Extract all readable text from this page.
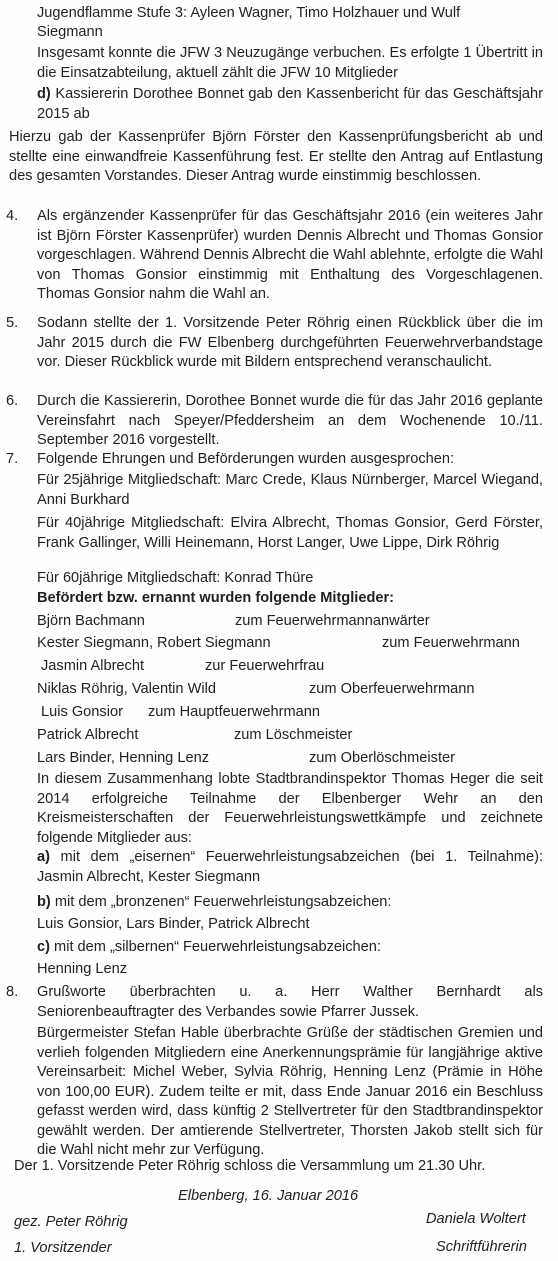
Jugendflamme Stufe 3: Ayleen Wagner, Timo Holzhauer und Wulf
Siegmann

Insgesamt konnte die JFW 3 Neuzugänge verbuchen. Es erfolgte 1 Übertritt in die Einsatzabteilung, aktuell zählt die JFW 10 Mitglieder

d) Kassiererin Dorothee Bonnet gab den Kassenbericht für das Geschäftsjahr 2015 ab

Hierzu gab der Kassenprüfer Björn Förster den Kassenprüfungsbericht ab und stellte eine einwandfreie Kassenführung fest. Er stellte den Antrag auf Entlastung des gesamten Vorstandes. Dieser Antrag wurde einstimmig beschlossen.

4. Als ergänzender Kassenprüfer für das Geschäftsjahr 2016 (ein weiteres Jahr ist Björn Förster Kassenprüfer) wurden Dennis Albrecht und Thomas Gonsior vorgeschlagen. Während Dennis Albrecht die Wahl ablehnte, erfolgte die Wahl von Thomas Gonsior einstimmig mit Enthaltung des Vorgeschlagenen. Thomas Gonsior nahm die Wahl an.

5. Sodann stellte der 1. Vorsitzende Peter Röhrig einen Rückblick über die im Jahr 2015 durch die FW Elbenberg durchgeführten Feuerwehrverbandstage vor. Dieser Rückblick wurde mit Bildern entsprechend veranschaulicht.

6. Durch die Kassiererin, Dorothee Bonnet wurde die für das Jahr 2016 geplante Vereinsfahrt nach Speyer/Pfeddersheim an dem Wochenende 10./11. September 2016 vorgestellt.

7. Folgende Ehrungen und Beförderungen wurden ausgesprochen:

Für 25jährige Mitgliedschaft: Marc Crede, Klaus Nürnberger, Marcel Wiegand, Anni Burkhard

Für 40jährige Mitgliedschaft: Elvira Albrecht, Thomas Gonsior, Gerd Förster, Frank Gallinger, Willi Heinemann, Horst Langer, Uwe Lippe, Dirk Röhrig

Für 60jährige Mitgliedschaft: Konrad Thüre
Befördert bzw. ernannt wurden folgende Mitglieder:
Björn Bachmann	zum Feuerwehrmannanwärter
Kester Siegmann, Robert Siegmann	zum Feuerwehrmann
Jasmin Albrecht	zur Feuerwehrfrau
Niklas Röhrig, Valentin Wild	zum Oberfeuerwehrmann
Luis Gonsior zum Hauptfeuerwehrmann
Patrick Albrecht	zum Löschmeister
Lars Binder, Henning Lenz	zum Oberlöschmeister

In diesem Zusammenhang lobte Stadtbrandinspektor Thomas Heger die seit 2014 erfolgreiche Teilnahme der Elbenberger Wehr an den Kreismeisterschaften der Feuerwehrleistungswettkämpfe und zeichnete folgende Mitglieder aus:

a) mit dem „eisernen“ Feuerwehrleistungsabzeichen (bei 1. Teilnahme): Jasmin Albrecht, Kester Siegmann

b) mit dem „bronzenen“ Feuerwehrleistungsabzeichen:
Luis Gonsior, Lars Binder, Patrick Albrecht
c) mit dem „silbernen“ Feuerwehrleistungsabzeichen:
Henning Lenz
8. Grußworte überbrachten u. a. Herr Walther Bernhardt als Seniorenbeauftragter des Verbandes sowie Pfarrer Jussek.

Bürgermeister Stefan Hable überbrachte Grüße der städtischen Gremien und verlieh folgenden Mitgliedern eine Anerkennungsprämie für langjährige aktive Vereinsarbeit: Michel Weber, Sylvia Röhrig, Henning Lenz (Prämie in Höhe von 100,00 EUR). Zudem teilte er mit, dass Ende Januar 2016 ein Beschluss gefasst werden wird, dass künftig 2 Stellvertreter für den Stadtbrandinspektor gewählt werden. Der amtierende Stellvertreter, Thorsten Jakob stellt sich für die Wahl nicht mehr zur Verfügung.

Der 1. Vorsitzende Peter Röhrig schloss die Versammlung um 21.30 Uhr.
Elbenberg, 16. Januar 2016
gez. Peter Röhrig
1. Vorsitzender
Daniela Woltert
Schriftführerin
